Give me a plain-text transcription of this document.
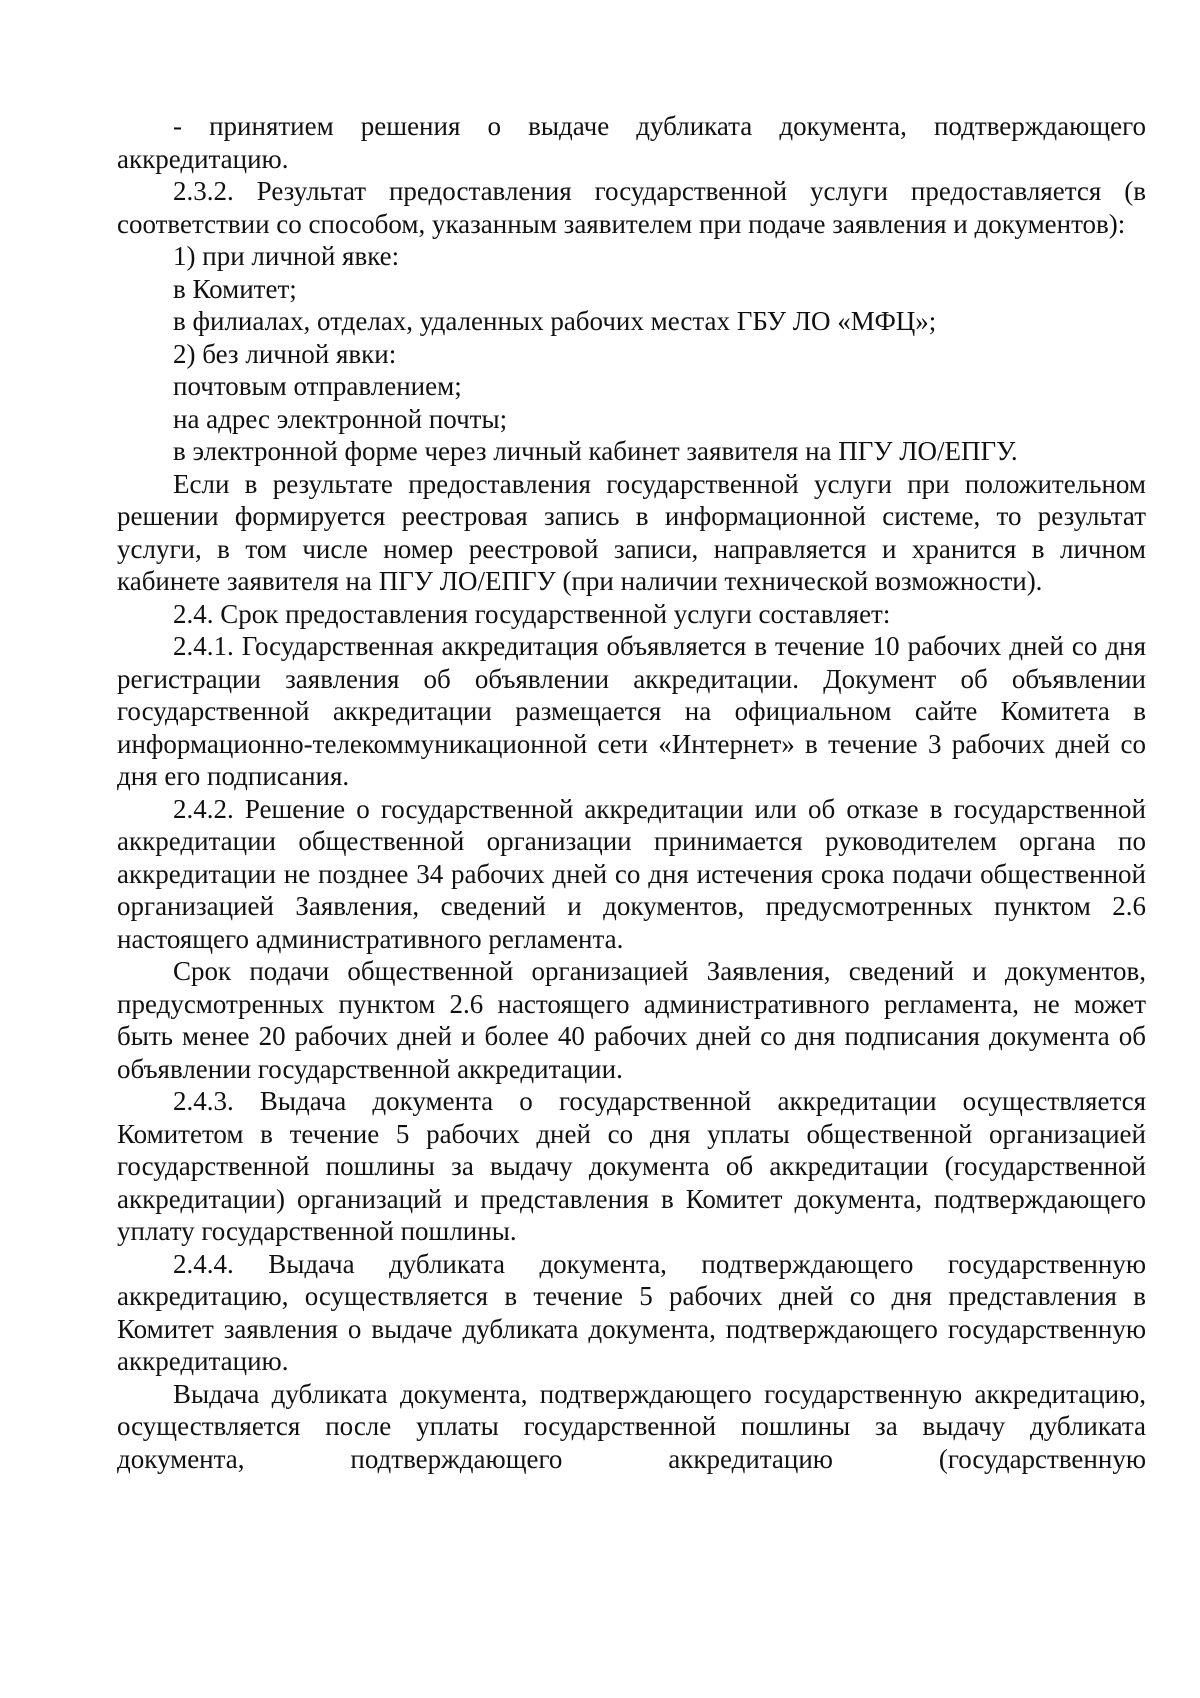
- принятием решения о выдаче дубликата документа, подтверждающего аккредитацию.

2.3.2. Результат предоставления государственной услуги предоставляется (в соответствии со способом, указанным заявителем при подаче заявления и документов):

1) при личной явке:

в Комитет;

в филиалах, отделах, удаленных рабочих местах ГБУ ЛО «МФЦ»;

2) без личной явки:

почтовым отправлением;

на адрес электронной почты;

в электронной форме через личный кабинет заявителя на ПГУ ЛО/ЕПГУ.

Если в результате предоставления государственной услуги при положительном решении формируется реестровая запись в информационной системе, то результат услуги, в том числе номер реестровой записи, направляется и хранится в личном кабинете заявителя на ПГУ ЛО/ЕПГУ (при наличии технической возможности).

2.4. Срок предоставления государственной услуги составляет:

2.4.1. Государственная аккредитация объявляется в течение 10 рабочих дней со дня регистрации заявления об объявлении аккредитации. Документ об объявлении государственной аккредитации размещается на официальном сайте Комитета в информационно-телекоммуникационной сети «Интернет» в течение 3 рабочих дней со дня его подписания.

2.4.2. Решение о государственной аккредитации или об отказе в государственной аккредитации общественной организации принимается руководителем органа по аккредитации не позднее 34 рабочих дней со дня истечения срока подачи общественной организацией Заявления, сведений и документов, предусмотренных пунктом 2.6 настоящего административного регламента.

Срок подачи общественной организацией Заявления, сведений и документов, предусмотренных пунктом 2.6 настоящего административного регламента, не может быть менее 20 рабочих дней и более 40 рабочих дней со дня подписания документа об объявлении государственной аккредитации.

2.4.3. Выдача документа о государственной аккредитации осуществляется Комитетом в течение 5 рабочих дней со дня уплаты общественной организацией государственной пошлины за выдачу документа об аккредитации (государственной аккредитации) организаций и представления в Комитет документа, подтверждающего уплату государственной пошлины.

2.4.4. Выдача дубликата документа, подтверждающего государственную аккредитацию, осуществляется в течение 5 рабочих дней со дня представления в Комитет заявления о выдаче дубликата документа, подтверждающего государственную аккредитацию.

Выдача дубликата документа, подтверждающего государственную аккредитацию, осуществляется после уплаты государственной пошлины за выдачу дубликата документа, подтверждающего аккредитацию (государственную
